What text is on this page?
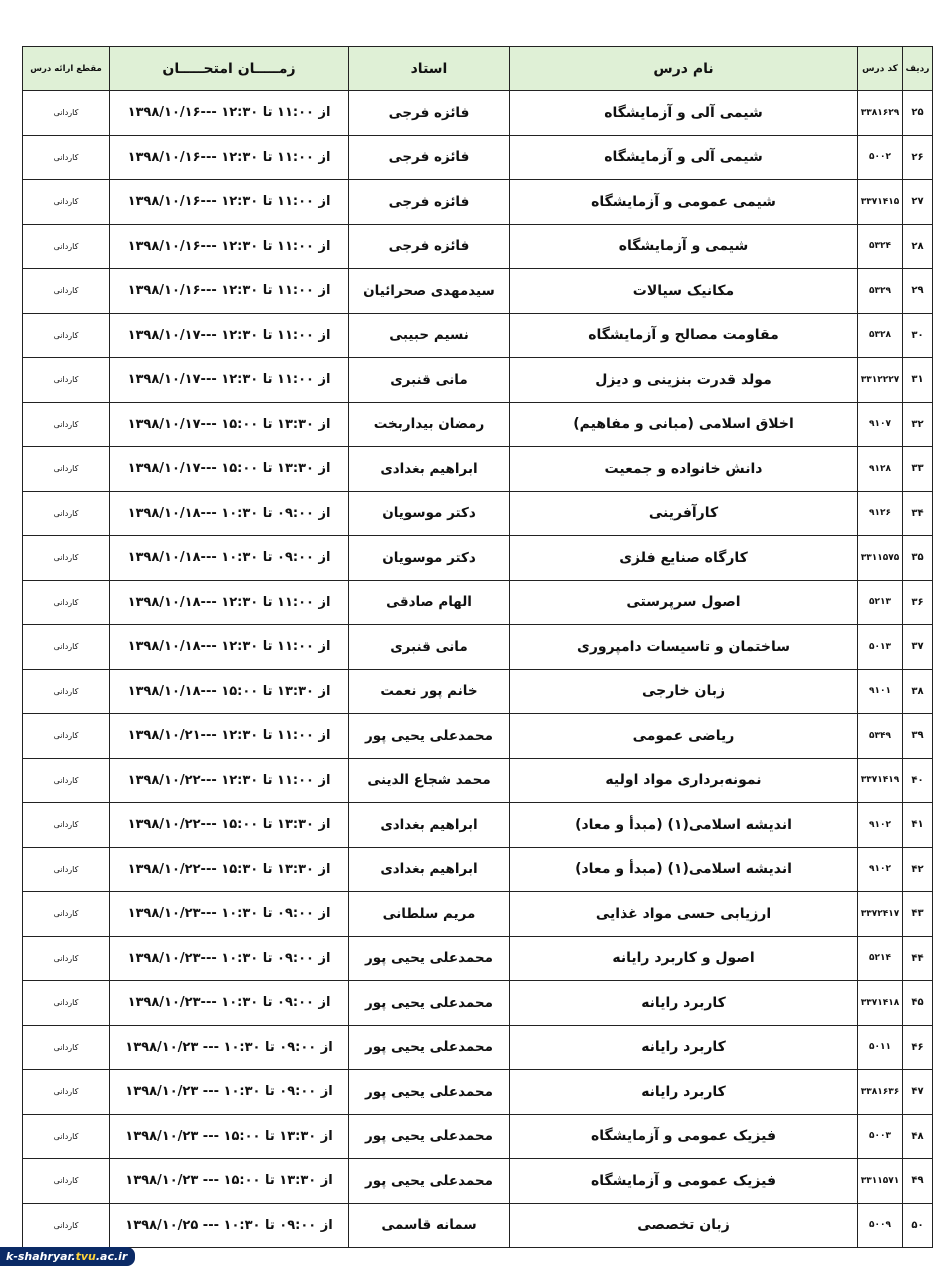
ردیف	کد درس	نام درس	استاد	زمـــــان امتحـــــان	مقطع ارائه درس
۲۵	۳۳۸۱۶۲۹	شیمی آلی و آزمایشگاه	فائزه فرجی	از ۱۱:۰۰ تا ۱۲:۳۰ ---۱۳۹۸/۱۰/۱۶	کاردانی
۲۶	۵۰۰۲	شیمی آلی و آزمایشگاه	فائزه فرجی	از ۱۱:۰۰ تا ۱۲:۳۰ ---۱۳۹۸/۱۰/۱۶	کاردانی
۲۷	۳۳۷۱۴۱۵	شیمی عمومی و آزمایشگاه	فائزه فرجی	از ۱۱:۰۰ تا ۱۲:۳۰ ---۱۳۹۸/۱۰/۱۶	کاردانی
۲۸	۵۳۲۴	شیمی و آزمایشگاه	فائزه فرجی	از ۱۱:۰۰ تا ۱۲:۳۰ ---۱۳۹۸/۱۰/۱۶	کاردانی
۲۹	۵۳۲۹	مکانیک سیالات	سیدمهدی صحرائیان	از ۱۱:۰۰ تا ۱۲:۳۰ ---۱۳۹۸/۱۰/۱۶	کاردانی
۳۰	۵۳۲۸	مقاومت مصالح و آزمایشگاه	نسیم حبیبی	از ۱۱:۰۰ تا ۱۲:۳۰ ---۱۳۹۸/۱۰/۱۷	کاردانی
۳۱	۳۳۱۲۲۲۷	مولد قدرت بنزینی و دیزل	مانی قنبری	از ۱۱:۰۰ تا ۱۲:۳۰ ---۱۳۹۸/۱۰/۱۷	کاردانی
۳۲	۹۱۰۷	اخلاق اسلامی (مبانی و مفاهیم)	رمضان بیداربخت	از ۱۳:۳۰ تا ۱۵:۰۰ ---۱۳۹۸/۱۰/۱۷	کاردانی
۳۳	۹۱۲۸	دانش خانواده و جمعیت	ابراهیم بغدادی	از ۱۳:۳۰ تا ۱۵:۰۰ ---۱۳۹۸/۱۰/۱۷	کاردانی
۳۴	۹۱۲۶	کارآفرینی	دکتر موسویان	از ۰۹:۰۰ تا ۱۰:۳۰ ---۱۳۹۸/۱۰/۱۸	کاردانی
۳۵	۳۳۱۱۵۷۵	کارگاه صنایع فلزی	دکتر موسویان	از ۰۹:۰۰ تا ۱۰:۳۰ ---۱۳۹۸/۱۰/۱۸	کاردانی
۳۶	۵۲۱۳	اصول سرپرستی	الهام صادقی	از ۱۱:۰۰ تا ۱۲:۳۰ ---۱۳۹۸/۱۰/۱۸	کاردانی
۳۷	۵۰۱۳	ساختمان و تاسیسات دامپروری	مانی قنبری	از ۱۱:۰۰ تا ۱۲:۳۰ ---۱۳۹۸/۱۰/۱۸	کاردانی
۳۸	۹۱۰۱	زبان خارجی	خانم پور نعمت	از ۱۳:۳۰ تا ۱۵:۰۰ ---۱۳۹۸/۱۰/۱۸	کاردانی
۳۹	۵۳۴۹	ریاضی عمومی	محمدعلی یحیی پور	از ۱۱:۰۰ تا ۱۲:۳۰ ---۱۳۹۸/۱۰/۲۱	کاردانی
۴۰	۳۳۷۱۴۱۹	نمونه‌برداری مواد اولیه	محمد شجاع الدینی	از ۱۱:۰۰ تا ۱۲:۳۰ ---۱۳۹۸/۱۰/۲۲	کاردانی
۴۱	۹۱۰۲	اندیشه اسلامی(۱) (مبدأ و معاد)	ابراهیم بغدادی	از ۱۳:۳۰ تا ۱۵:۰۰ ---۱۳۹۸/۱۰/۲۲	کاردانی
۴۲	۹۱۰۲	اندیشه اسلامی(۱) (مبدأ و معاد)	ابراهیم بغدادی	از ۱۳:۳۰ تا ۱۵:۳۰ ---۱۳۹۸/۱۰/۲۲	کاردانی
۴۳	۳۳۷۲۴۱۷	ارزیابی حسی مواد غذایی	مریم سلطانی	از ۰۹:۰۰ تا ۱۰:۳۰ ---۱۳۹۸/۱۰/۲۳	کاردانی
۴۴	۵۲۱۴	اصول و کاربرد رایانه	محمدعلی یحیی پور	از ۰۹:۰۰ تا ۱۰:۳۰ ---۱۳۹۸/۱۰/۲۳	کاردانی
۴۵	۳۳۷۱۴۱۸	کاربرد رایانه	محمدعلی یحیی پور	از ۰۹:۰۰ تا ۱۰:۳۰ ---۱۳۹۸/۱۰/۲۳	کاردانی
۴۶	۵۰۱۱	کاربرد رایانه	محمدعلی یحیی پور	از ۰۹:۰۰ تا ۱۰:۳۰ --- ۱۳۹۸/۱۰/۲۳	کاردانی
۴۷	۳۳۸۱۶۳۶	کاربرد رایانه	محمدعلی یحیی پور	از ۰۹:۰۰ تا ۱۰:۳۰ --- ۱۳۹۸/۱۰/۲۳	کاردانی
۴۸	۵۰۰۳	فیزیک عمومی و آزمایشگاه	محمدعلی یحیی پور	از ۱۳:۳۰ تا ۱۵:۰۰ --- ۱۳۹۸/۱۰/۲۳	کاردانی
۴۹	۳۳۱۱۵۷۱	فیزیک عمومی و آزمایشگاه	محمدعلی یحیی پور	از ۱۳:۳۰ تا ۱۵:۰۰ --- ۱۳۹۸/۱۰/۲۳	کاردانی
۵۰	۵۰۰۹	زبان تخصصی	سمانه قاسمی	از ۰۹:۰۰ تا ۱۰:۳۰ --- ۱۳۹۸/۱۰/۲۵	کاردانی
k-shahryar.tvu.ac.ir
